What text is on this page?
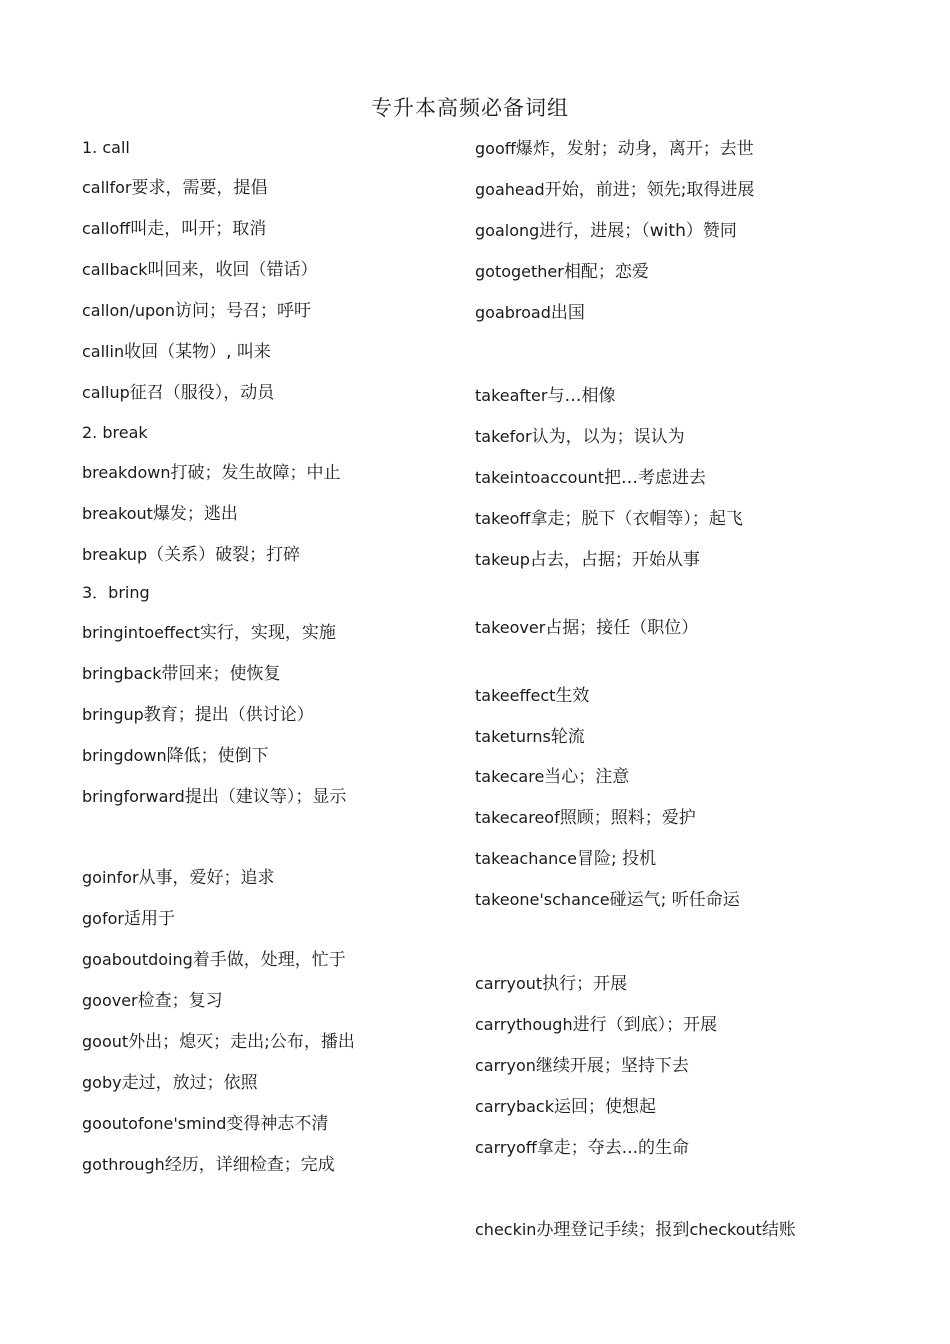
专升本高频必备词组
1. call
callfor要求，需要，提倡
calloff叫走，叫开；取消
callback叫回来，收回（错话）
callon/upon访问；号召；呼吁
callin收回（某物）, 叫来
callup征召（服役），动员
2. break
breakdown打破；发生故障；中止
breakout爆发；逃出
breakup（关系）破裂；打碎
3．bring
bringintoeffect实行，实现，实施
bringback带回来；使恢复
bringup教育；提出（供讨论）
bringdown降低；使倒下
bringforward提出（建议等）；显示
goinfor从事，爱好；追求
gofor适用于
goaboutdoing着手做，处理，忙于
goover检查；复习
goout外出；熄灭；走出;公布，播出
goby走过，放过；依照
gooutofone'smind变得神志不清
gothrough经历，详细检查；完成
gooff爆炸，发射；动身，离开；去世
goahead开始，前进；领先;取得进展
goalong进行，进展；（with）赞同
gotogether相配；恋爱
goabroad出国
takeafter与…相像
takefor认为，以为；误认为
takeintoaccount把…考虑进去
takeoff拿走；脱下（衣帽等）；起飞
takeup占去，占据；开始从事
takeover占据；接任（职位）
takeeffect生效
taketurns轮流
takecare当心；注意
takecareof照顾；照料；爱护
takeachance冒险; 投机
takeone'schance碰运气; 听任命运
carryout执行；开展
carrythough进行（到底）；开展
carryon继续开展；坚持下去
carryback运回；使想起
carryoff拿走；夺去...的生命
checkin办理登记手续；报到checkout结账
